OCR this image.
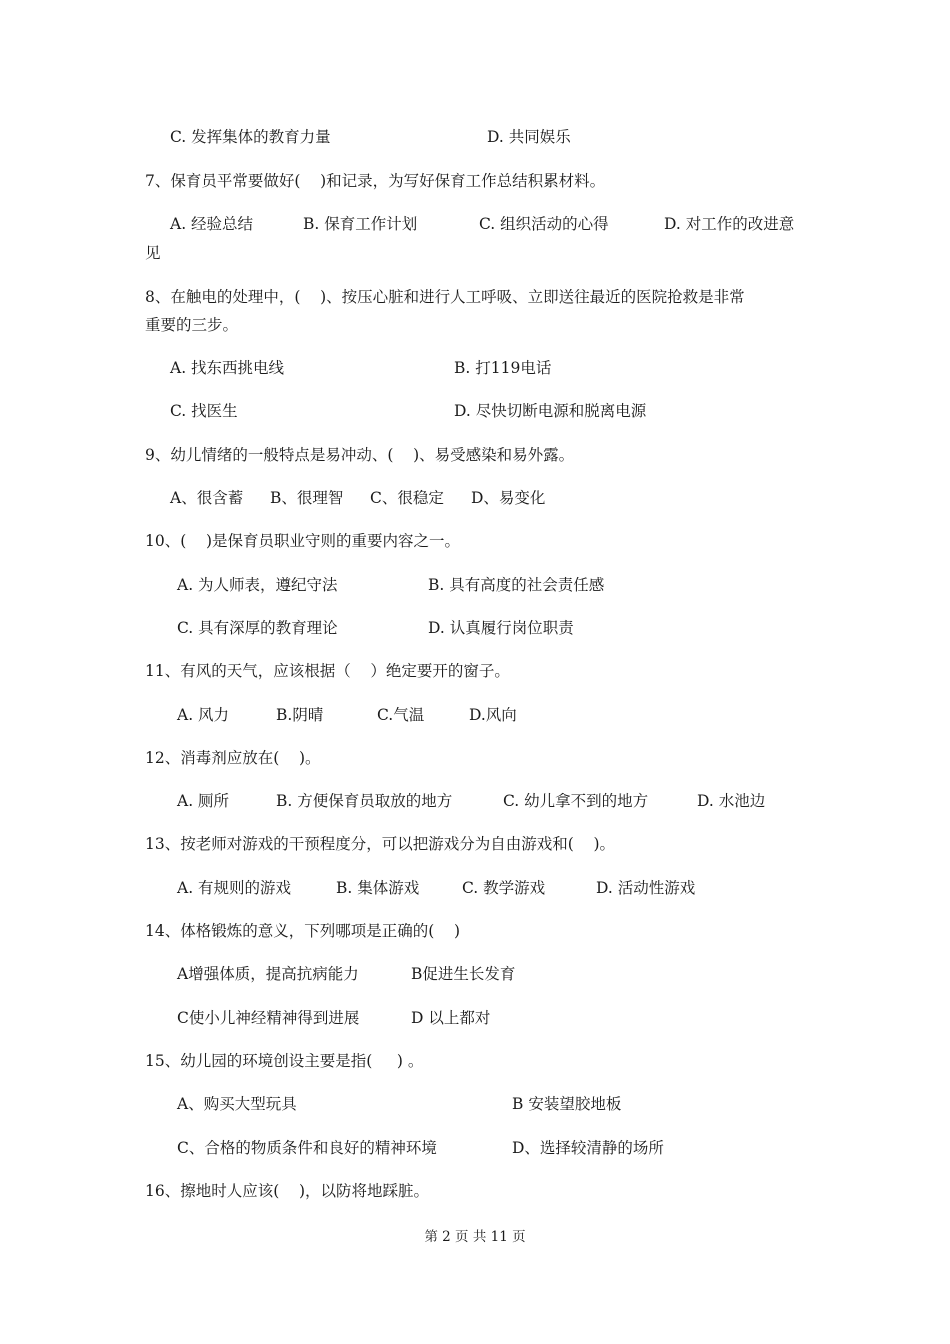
C. 发挥集体的教育力量	D. 共同娱乐
7、保育员平常要做好(    )和记录，为写好保育工作总结积累材料。
A. 经验总结	B. 保育工作计划	C. 组织活动的心得	D. 对工作的改进意
见
8、在触电的处理中，(    )、按压心脏和进行人工呼吸、立即送往最近的医院抢救是非常
重要的三步。
A. 找东西挑电线	B. 打119电话
C. 找医生	D. 尽快切断电源和脱离电源
9、幼儿情绪的一般特点是易冲动、(    )、易受感染和易外露。
A、很含蓄 B、很理智 C、很稳定 D、易变化
10、(    )是保育员职业守则的重要内容之一。
A. 为人师表，遵纪守法	B. 具有高度的社会责任感
C. 具有深厚的教育理论	D. 认真履行岗位职责
11、有风的天气，应该根据（    ）绝定要开的窗子。
A. 风力	B.阴晴	C.气温	D.风向
12、消毒剂应放在(    )。
A. 厕所	B. 方便保育员取放的地方	C. 幼儿拿不到的地方	D. 水池边
13、按老师对游戏的干预程度分，可以把游戏分为自由游戏和(    )。
A. 有规则的游戏	B. 集体游戏	C. 教学游戏	D. 活动性游戏
14、体格锻炼的意义，下列哪项是正确的(    )
A增强体质，提高抗病能力	B促进生长发育
C使小儿神经精神得到进展	D 以上都对
15、幼儿园的环境创设主要是指(     ) 。
A、购买大型玩具	B 安装望胶地板
C、合格的物质条件和良好的精神环境	D、选择较清静的场所
16、擦地时人应该(    )，以防将地踩脏。
第 2 页 共 11 页
